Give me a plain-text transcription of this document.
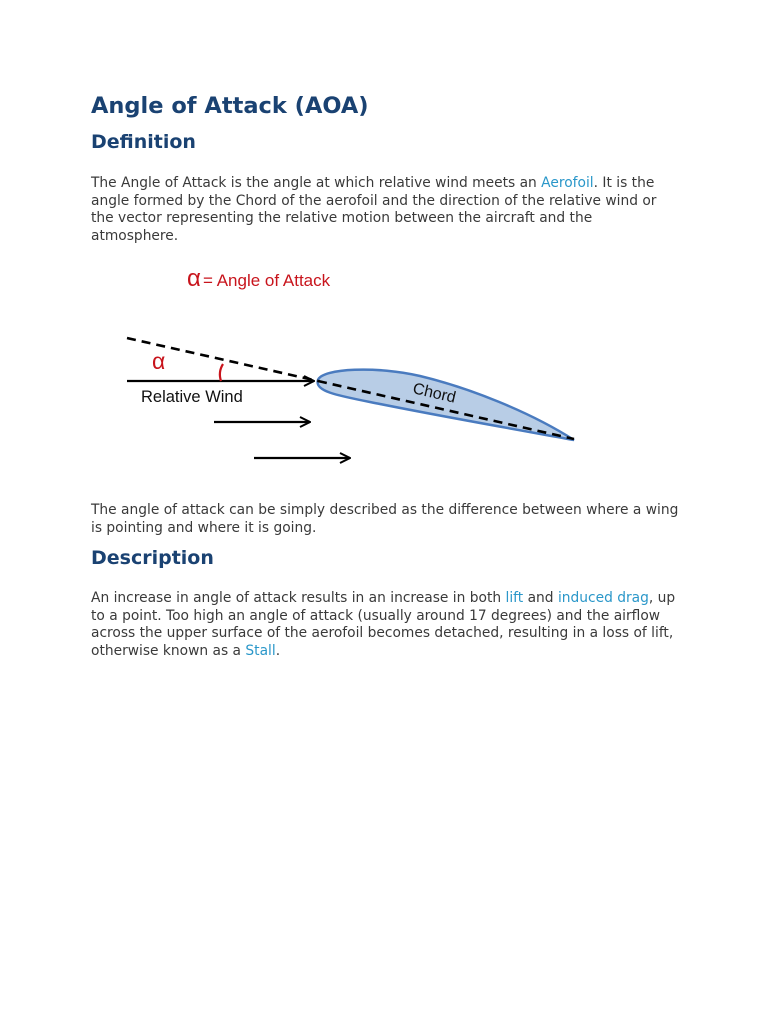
Angle of Attack (AOA)
Definition

The Angle of Attack is the angle at which relative wind meets an Aerofoil. It is the angle formed by the Chord of the aerofoil and the direction of the relative wind or the vector representing the relative motion between the aircraft and the atmosphere.

The angle of attack can be simply described as the difference between where a wing is pointing and where it is going.

Description

An increase in angle of attack results in an increase in both lift and induced drag, up to a point. Too high an angle of attack (usually around 17 degrees) and the airflow across the upper surface of the aerofoil becomes detached, resulting in a loss of lift, otherwise known as a Stall.

α = Angle of Attack
α
Relative Wind	Chord
